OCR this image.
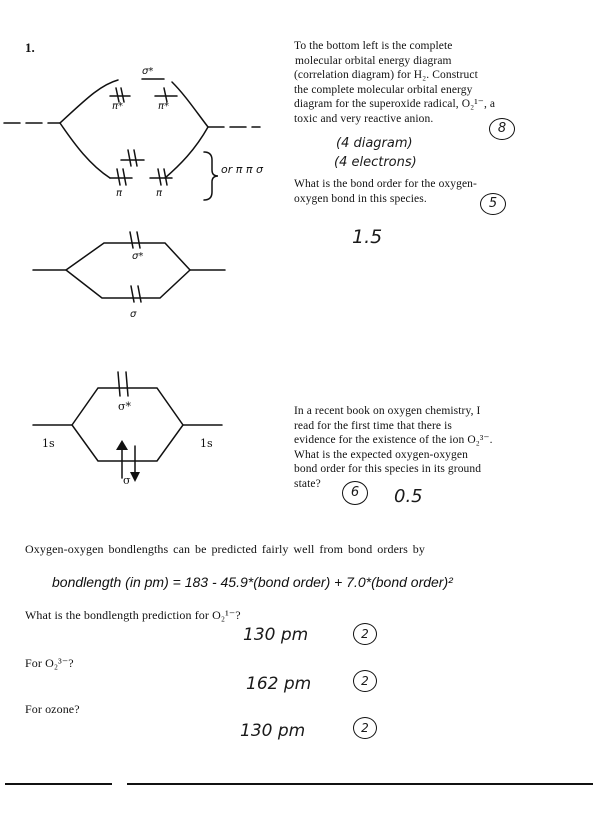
1.	To the bottom left is the complete
molecular orbital energy diagram
(correlation diagram) for H₂. Construct
the complete molecular orbital energy
diagram for the superoxide radical, O₂¹⁻, a
toxic and very reactive anion.
8
(4 diagram)
(4 electrons)
What is the bond order for the oxygen-
oxygen bond in this species.	5
1.5
σ*
π*	π*
π	π
or π π σ
σ*
σ
1s	1s
σ*
σ
In a recent book on oxygen chemistry, I
read for the first time that there is
evidence for the existence of the ion O₂³⁻.
What is the expected oxygen-oxygen
bond order for this species in its ground
state?
6	0.5
Oxygen-oxygen bondlengths can be predicted fairly well from bond orders by
bondlength (in pm) = 183 - 45.9*(bond order) + 7.0*(bond order)²
What is the bondlength prediction for O₂¹⁻?
130 pm	2
For O₂³⁻?
162 pm	2
For ozone?
130 pm	2
